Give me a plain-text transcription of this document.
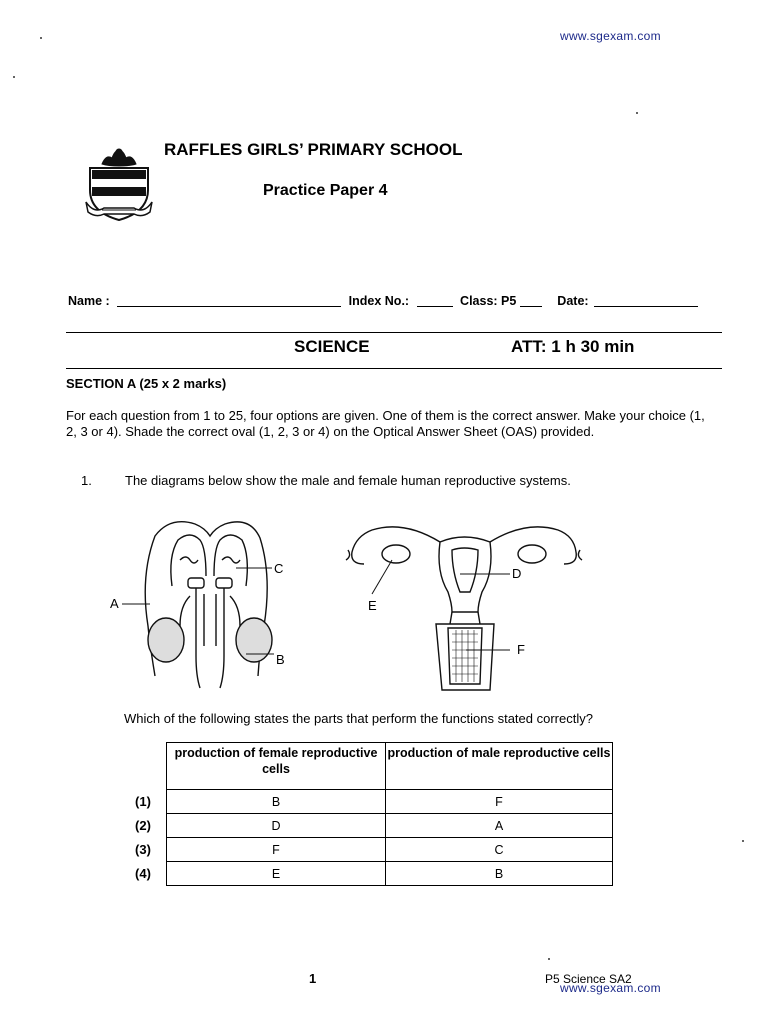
www.sgexam.com
RAFFLES GIRLS’ PRIMARY SCHOOL
Practice Paper 4
Name :	Index No.:	Class: P5	Date:
SCIENCE	ATT: 1 h 30 min
SECTION A (25 x 2 marks)
For each question from 1 to 25, four options are given. One of them is the correct answer. Make your choice (1, 2, 3 or 4). Shade the correct oval (1, 2, 3 or 4) on the Optical Answer Sheet (OAS) provided.
1.	The diagrams below show the male and female human reproductive systems.
A
B
C	D
E
F
Which of the following states the parts that perform the functions stated correctly?
	production of female reproductive cells	production of male reproductive cells
(1)	B	F
(2)	D	A
(3)	F	C
(4)	E	B
1	P5 Science SA2
www.sgexam.com
